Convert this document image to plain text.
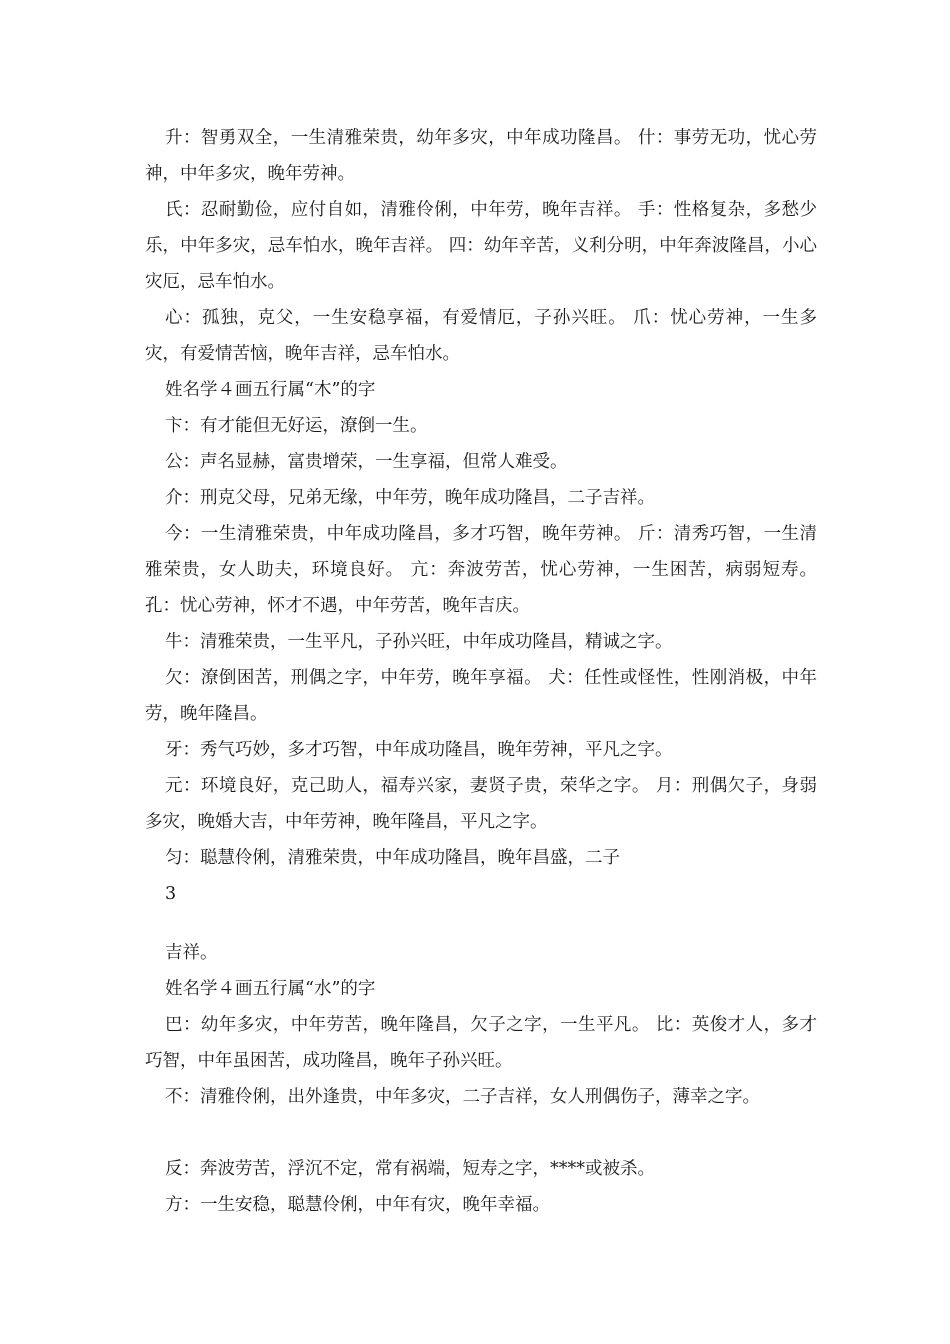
升：智勇双全，一生清雅荣贵，幼年多灾，中年成功隆昌。 什：事劳无功，忧心劳神，中年多灾，晚年劳神。

氏：忍耐勤俭，应付自如，清雅伶俐，中年劳，晚年吉祥。 手：性格复杂，多愁少乐，中年多灾，忌车怕水，晚年吉祥。 四：幼年辛苦，义利分明，中年奔波隆昌，小心灾厄，忌车怕水。

心：孤独，克父，一生安稳享福，有爱情厄，子孙兴旺。 爪：忧心劳神，一生多灾，有爱情苦恼，晚年吉祥，忌车怕水。

姓名学４画五行属“木”的字

卞：有才能但无好运，潦倒一生。

公：声名显赫，富贵增荣，一生享福，但常人难受。

介：刑克父母，兄弟无缘，中年劳，晚年成功隆昌，二子吉祥。

今：一生清雅荣贵，中年成功隆昌，多才巧智，晚年劳神。 斤：清秀巧智，一生清雅荣贵，女人助夫，环境良好。 亢：奔波劳苦，忧心劳神，一生困苦，病弱短寿。 孔：忧心劳神，怀才不遇，中年劳苦，晚年吉庆。

牛：清雅荣贵，一生平凡，子孙兴旺，中年成功隆昌，精诚之字。

欠：潦倒困苦，刑偶之字，中年劳，晚年享福。 犬：任性或怪性，性刚消极，中年劳，晚年隆昌。

牙：秀气巧妙，多才巧智，中年成功隆昌，晚年劳神，平凡之字。

元：环境良好，克己助人，福寿兴家，妻贤子贵，荣华之字。 月：刑偶欠子，身弱多灾，晚婚大吉，中年劳神，晚年隆昌，平凡之字。

匀：聪慧伶俐，清雅荣贵，中年成功隆昌，晚年昌盛，二子

3

吉祥。

姓名学４画五行属“水”的字

巴：幼年多灾，中年劳苦，晚年隆昌，欠子之字，一生平凡。 比：英俊才人，多才巧智，中年虽困苦，成功隆昌，晚年子孙兴旺。

不：清雅伶俐，出外逢贵，中年多灾，二子吉祥，女人刑偶伤子，薄幸之字。

反：奔波劳苦，浮沉不定，常有祸端，短寿之字，****或被杀。

方：一生安稳，聪慧伶俐，中年有灾，晚年幸福。
